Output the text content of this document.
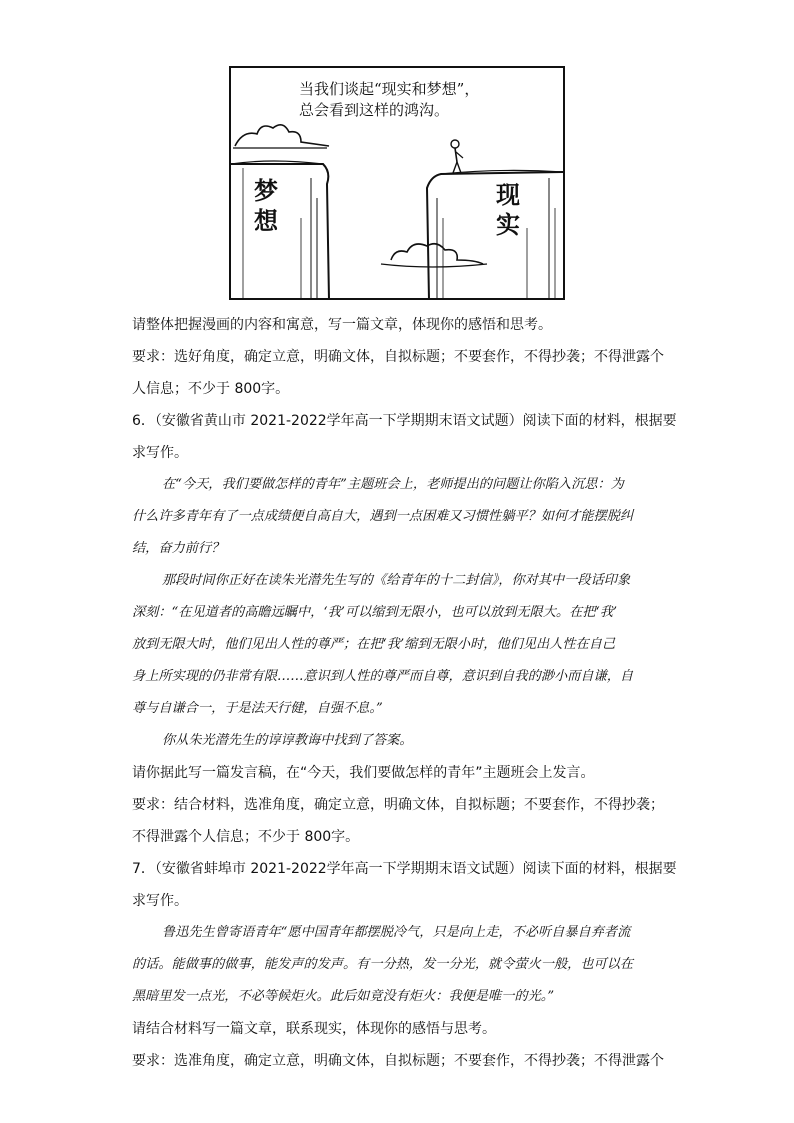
当我们谈起“现实和梦想”，
总会看到这样的鸿沟。
梦
想
现
实
请整体把握漫画的内容和寓意，写一篇文章，体现你的感悟和思考。
要求：选好角度，确定立意，明确文体，自拟标题；不要套作，不得抄袭；不得泄露个
人信息；不少于 800字。
6．（安徽省黄山市 2021-2022学年高一下学期期末语文试题）阅读下面的材料，根据要
求写作。
在“今天，我们要做怎样的青年”主题班会上，老师提出的问题让你陷入沉思：为
什么许多青年有了一点成绩便自高自大，遇到一点困难又习惯性躺平？如何才能摆脱纠
结，奋力前行？
那段时间你正好在读朱光潜先生写的《给青年的十二封信》，你对其中一段话印象
深刻：“在见道者的高瞻远瞩中，‘我’可以缩到无限小，也可以放到无限大。在把‘我’
放到无限大时，他们见出人性的尊严；在把‘我’缩到无限小时，他们见出人性在自己
身上所实现的仍非常有限……意识到人性的尊严而自尊，意识到自我的渺小而自谦，自
尊与自谦合一，于是法天行健，自强不息。”
你从朱光潜先生的谆谆教诲中找到了答案。
请你据此写一篇发言稿，在“今天，我们要做怎样的青年”主题班会上发言。
要求：结合材料，选准角度，确定立意，明确文体，自拟标题；不要套作，不得抄袭；
不得泄露个人信息；不少于 800字。
7．（安徽省蚌埠市 2021-2022学年高一下学期期末语文试题）阅读下面的材料，根据要
求写作。
鲁迅先生曾寄语青年“愿中国青年都摆脱冷气，只是向上走，不必听自暴自弃者流
的话。能做事的做事，能发声的发声。有一分热，发一分光，就令萤火一般，也可以在
黑暗里发一点光，不必等候炬火。此后如竟没有炬火：我便是唯一的光。”
请结合材料写一篇文章，联系现实，体现你的感悟与思考。
要求：选准角度，确定立意，明确文体，自拟标题；不要套作，不得抄袭；不得泄露个
